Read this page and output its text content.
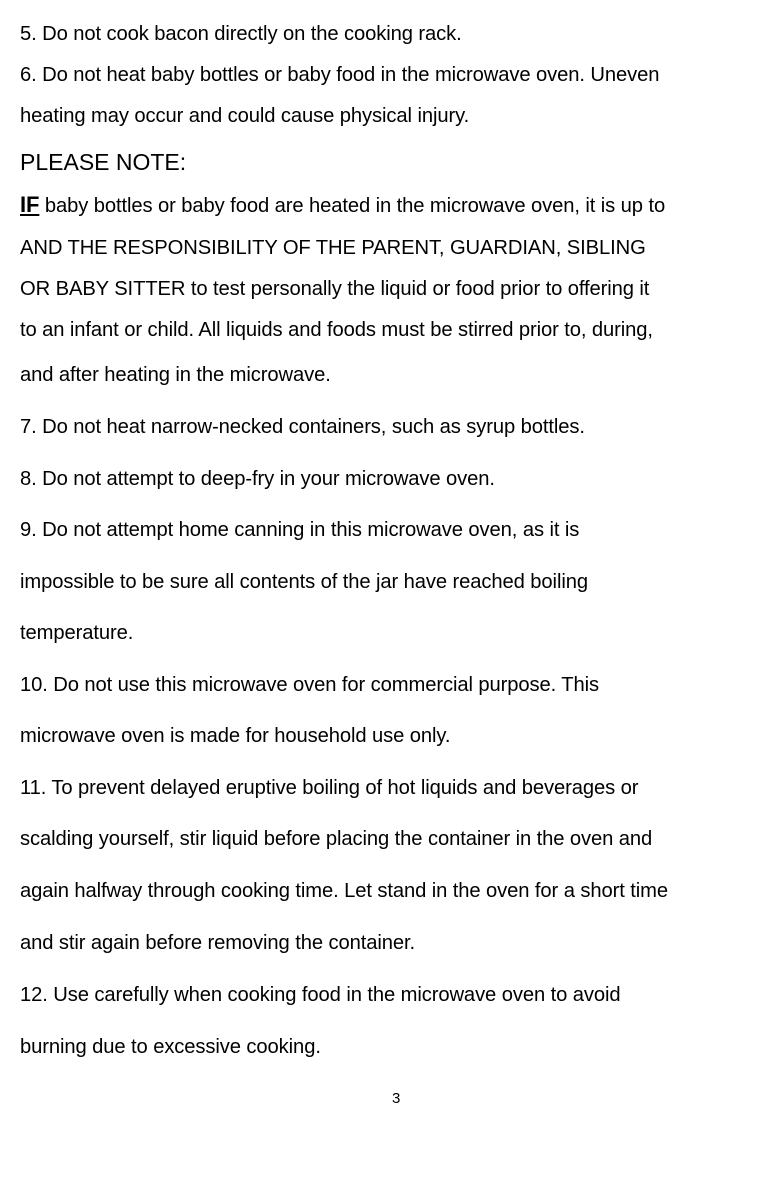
5. Do not cook bacon directly on the cooking rack.
6. Do not heat baby bottles or baby food in the microwave oven. Uneven
heating may occur and could cause physical injury.
PLEASE NOTE:
IF baby bottles or baby food are heated in the microwave oven, it is up to
AND THE RESPONSIBILITY OF THE PARENT, GUARDIAN, SIBLING
OR BABY SITTER to test personally the liquid or food prior to offering it
to an infant or child. All liquids and foods must be stirred prior to, during,
and after heating in the microwave.
7. Do not heat narrow-necked containers, such as syrup bottles.
8. Do not attempt to deep-fry in your microwave oven.
9. Do not attempt home canning in this microwave oven, as it is
impossible to be sure all contents of the jar have reached boiling
temperature.
10. Do not use this microwave oven for commercial purpose. This
microwave oven is made for household use only.
11. To prevent delayed eruptive boiling of hot liquids and beverages or
scalding yourself, stir liquid before placing the container in the oven and
again halfway through cooking time. Let stand in the oven for a short time
and stir again before removing the container.
12. Use carefully when cooking food in the microwave oven to avoid
burning due to excessive cooking.
3
